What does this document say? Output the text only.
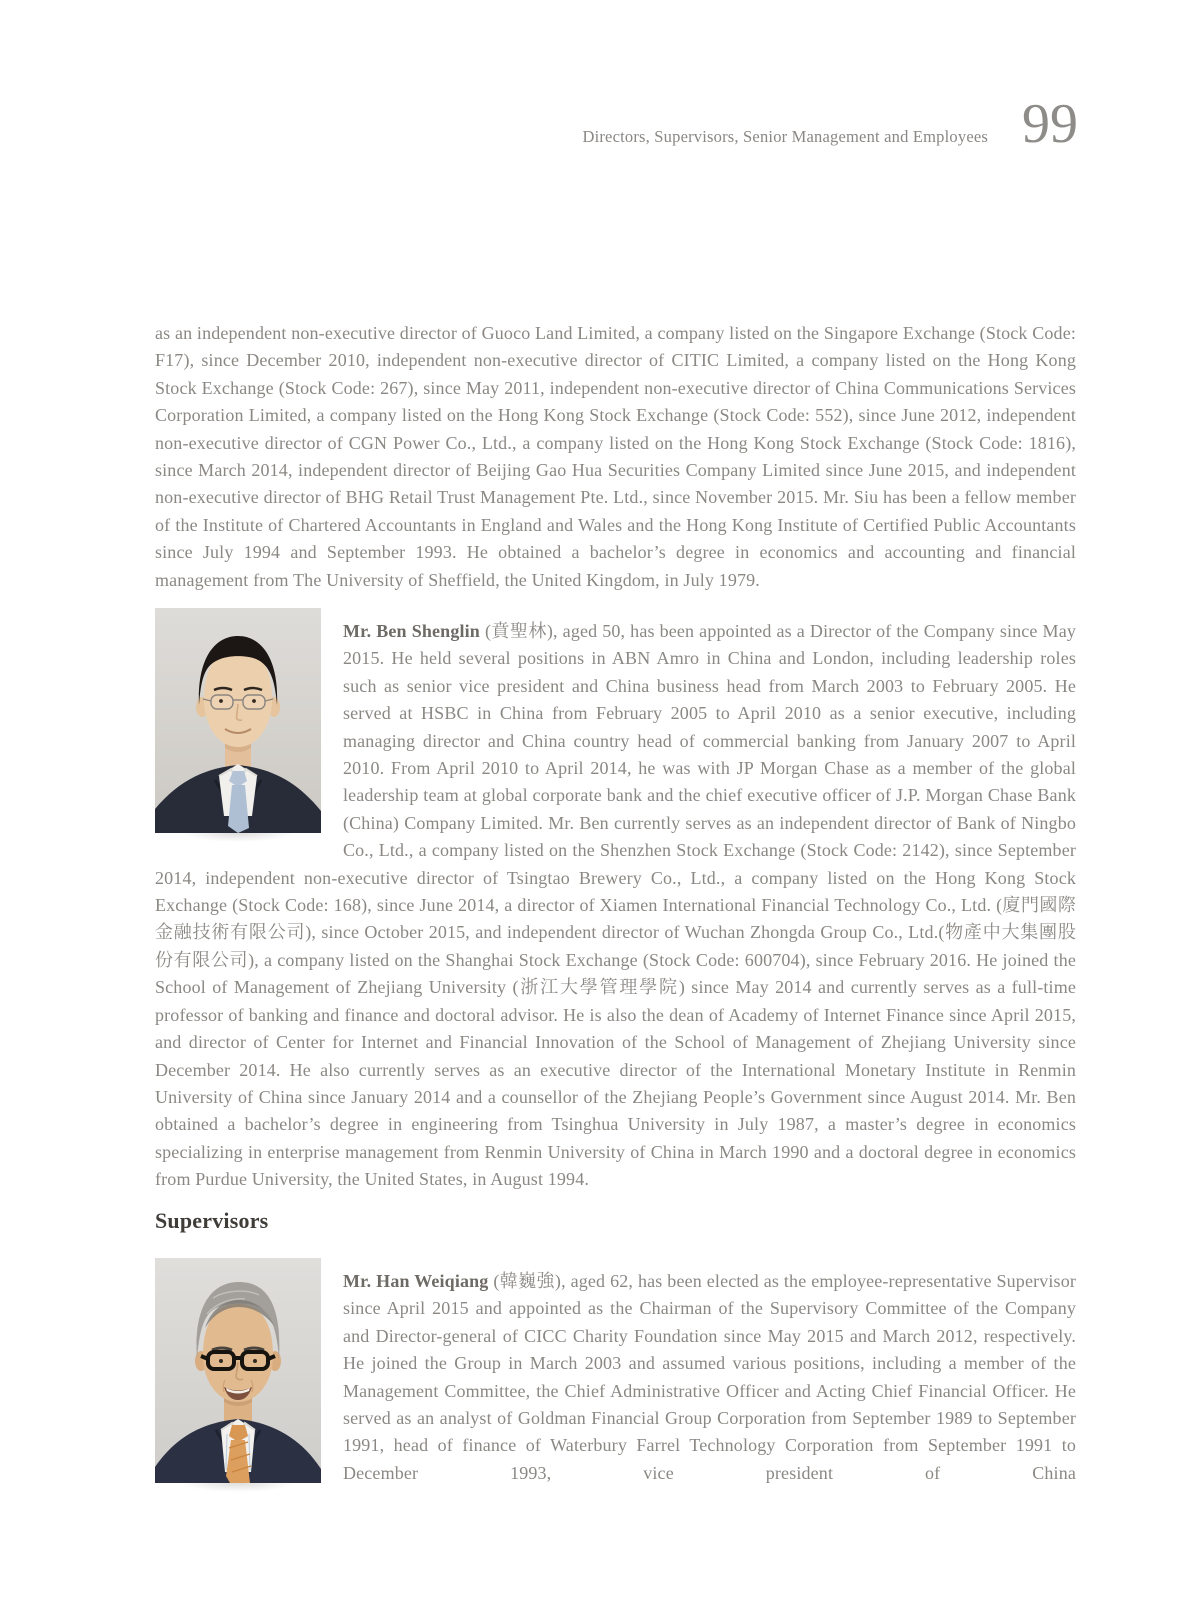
Directors, Supervisors, Senior Management and Employees 99

as an independent non-executive director of Guoco Land Limited, a company listed on the Singapore Exchange (Stock Code: F17), since December 2010, independent non-executive director of CITIC Limited, a company listed on the Hong Kong Stock Exchange (Stock Code: 267), since May 2011, independent non-executive director of China Communications Services Corporation Limited, a company listed on the Hong Kong Stock Exchange (Stock Code: 552), since June 2012, independent non-executive director of CGN Power Co., Ltd., a company listed on the Hong Kong Stock Exchange (Stock Code: 1816), since March 2014, independent director of Beijing Gao Hua Securities Company Limited since June 2015, and independent non-executive director of BHG Retail Trust Management Pte. Ltd., since November 2015. Mr. Siu has been a fellow member of the Institute of Chartered Accountants in England and Wales and the Hong Kong Institute of Certified Public Accountants since July 1994 and September 1993. He obtained a bachelor’s degree in economics and accounting and financial management from The University of Sheffield, the United Kingdom, in July 1979.

Mr. Ben Shenglin (賁聖林), aged 50, has been appointed as a Director of the Company since May 2015. He held several positions in ABN Amro in China and London, including leadership roles such as senior vice president and China business head from March 2003 to February 2005. He served at HSBC in China from February 2005 to April 2010 as a senior executive, including managing director and China country head of commercial banking from January 2007 to April 2010. From April 2010 to April 2014, he was with JP Morgan Chase as a member of the global leadership team at global corporate bank and the chief executive officer of J.P. Morgan Chase Bank (China) Company Limited. Mr. Ben currently serves as an independent director of Bank of Ningbo Co., Ltd., a company listed on the Shenzhen Stock Exchange (Stock Code: 2142), since September 2014, independent non-executive director of Tsingtao Brewery Co., Ltd., a company listed on the Hong Kong Stock Exchange (Stock Code: 168), since June 2014, a director of Xiamen International Financial Technology Co., Ltd. (廈門國際金融技術有限公司), since October 2015, and independent director of Wuchan Zhongda Group Co., Ltd.(物產中大集團股份有限公司), a company listed on the Shanghai Stock Exchange (Stock Code: 600704), since February 2016. He joined the School of Management of Zhejiang University (浙江大學管理學院) since May 2014 and currently serves as a full-time professor of banking and finance and doctoral advisor. He is also the dean of Academy of Internet Finance since April 2015, and director of Center for Internet and Financial Innovation of the School of Management of Zhejiang University since December 2014. He also currently serves as an executive director of the International Monetary Institute in Renmin University of China since January 2014 and a counsellor of the Zhejiang People’s Government since August 2014. Mr. Ben obtained a bachelor’s degree in engineering from Tsinghua University in July 1987, a master’s degree in economics specializing in enterprise management from Renmin University of China in March 1990 and a doctoral degree in economics from Purdue University, the United States, in August 1994.

Supervisors

Mr. Han Weiqiang (韓巍強), aged 62, has been elected as the employee-representative Supervisor since April 2015 and appointed as the Chairman of the Supervisory Committee of the Company and Director-general of CICC Charity Foundation since May 2015 and March 2012, respectively. He joined the Group in March 2003 and assumed various positions, including a member of the Management Committee, the Chief Administrative Officer and Acting Chief Financial Officer. He served as an analyst of Goldman Financial Group Corporation from September 1989 to September 1991, head of finance of Waterbury Farrel Technology Corporation from September 1991 to December 1993, vice president of China
